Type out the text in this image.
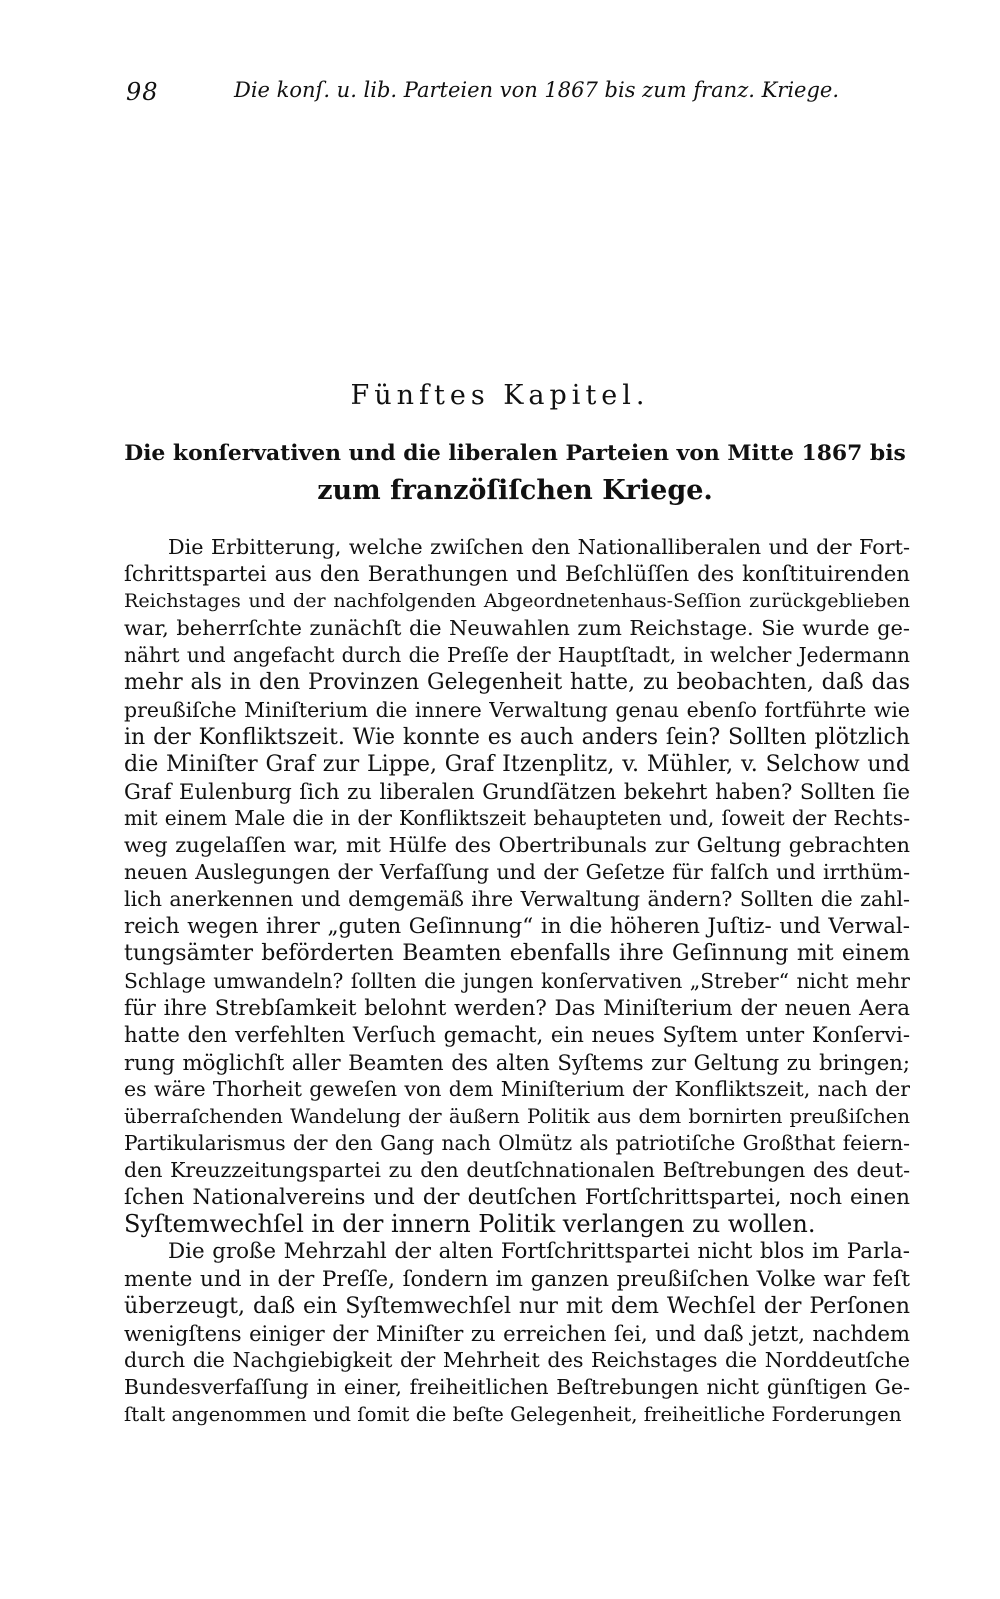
98	Die konſ. u. lib. Parteien von 1867 bis zum franz. Kriege.
Fünftes Kapitel.
Die konſervativen und die liberalen Parteien von Mitte 1867 bis
zum franzöſiſchen Kriege.
Die Erbitterung, welche zwiſchen den Nationalliberalen und der Fort-
ſchrittspartei aus den Berathungen und Beſchlüſſen des konſtituirenden
Reichstages und der nachfolgenden Abgeordnetenhaus-Seſſion zurückgeblieben
war, beherrſchte zunächſt die Neuwahlen zum Reichstage. Sie wurde ge-
nährt und angefacht durch die Preſſe der Hauptſtadt, in welcher Jedermann
mehr als in den Provinzen Gelegenheit hatte, zu beobachten, daß das
preußiſche Miniſterium die innere Verwaltung genau ebenſo fortführte wie
in der Konfliktszeit. Wie konnte es auch anders ſein? Sollten plötzlich
die Miniſter Graf zur Lippe, Graf Itzenplitz, v. Mühler, v. Selchow und
Graf Eulenburg ſich zu liberalen Grundſätzen bekehrt haben? Sollten ſie
mit einem Male die in der Konfliktszeit behaupteten und, ſoweit der Rechts-
weg zugelaſſen war, mit Hülfe des Obertribunals zur Geltung gebrachten
neuen Auslegungen der Verfaſſung und der Geſetze für falſch und irrthüm-
lich anerkennen und demgemäß ihre Verwaltung ändern? Sollten die zahl-
reich wegen ihrer „guten Geſinnung“ in die höheren Juſtiz- und Verwal-
tungsämter beförderten Beamten ebenfalls ihre Geſinnung mit einem
Schlage umwandeln? ſollten die jungen konſervativen „Streber“ nicht mehr
für ihre Strebſamkeit belohnt werden? Das Miniſterium der neuen Aera
hatte den verfehlten Verſuch gemacht, ein neues Syſtem unter Konſervi-
rung möglichſt aller Beamten des alten Syſtems zur Geltung zu bringen;
es wäre Thorheit geweſen von dem Miniſterium der Konfliktszeit, nach der
überraſchenden Wandelung der äußern Politik aus dem bornirten preußiſchen
Partikularismus der den Gang nach Olmütz als patriotiſche Großthat feiern-
den Kreuzzeitungspartei zu den deutſchnationalen Beſtrebungen des deut-
ſchen Nationalvereins und der deutſchen Fortſchrittspartei, noch einen
Syſtemwechſel in der innern Politik verlangen zu wollen.
Die große Mehrzahl der alten Fortſchrittspartei nicht blos im Parla-
mente und in der Preſſe, ſondern im ganzen preußiſchen Volke war feſt
überzeugt, daß ein Syſtemwechſel nur mit dem Wechſel der Perſonen
wenigſtens einiger der Miniſter zu erreichen ſei, und daß jetzt, nachdem
durch die Nachgiebigkeit der Mehrheit des Reichstages die Norddeutſche
Bundesverfaſſung in einer, freiheitlichen Beſtrebungen nicht günſtigen Ge-
ſtalt angenommen und ſomit die beſte Gelegenheit, freiheitliche Forderungen
